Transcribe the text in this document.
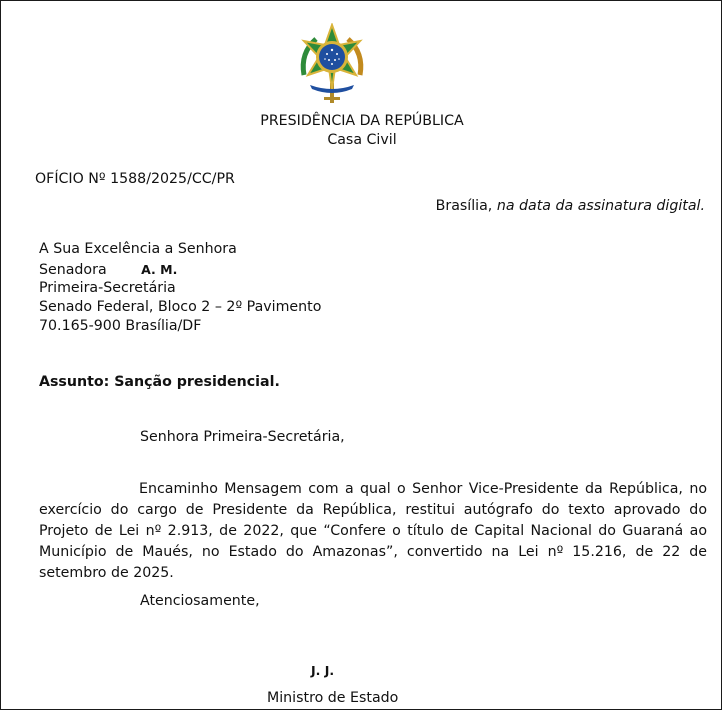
PRESIDÊNCIA DA REPÚBLICA
Casa Civil
OFÍCIO Nº 1588/2025/CC/PR
Brasília, na data da assinatura digital.
A Sua Excelência a Senhora
Senadora	A. M.
Primeira-Secretária
Senado Federal, Bloco 2 – 2º Pavimento
70.165-900 Brasília/DF
Assunto: Sanção presidencial.
Senhora Primeira-Secretária,
Encaminho Mensagem com a qual o Senhor Vice-Presidente da República, no exercício do cargo de Presidente da República, restitui autógrafo do texto aprovado do Projeto de Lei nº 2.913, de 2022, que “Confere o título de Capital Nacional do Guaraná ao Município de Maués, no Estado do Amazonas”, convertido na Lei nº 15.216, de 22 de setembro de 2025.
Atenciosamente,
J. J.
Ministro de Estado
